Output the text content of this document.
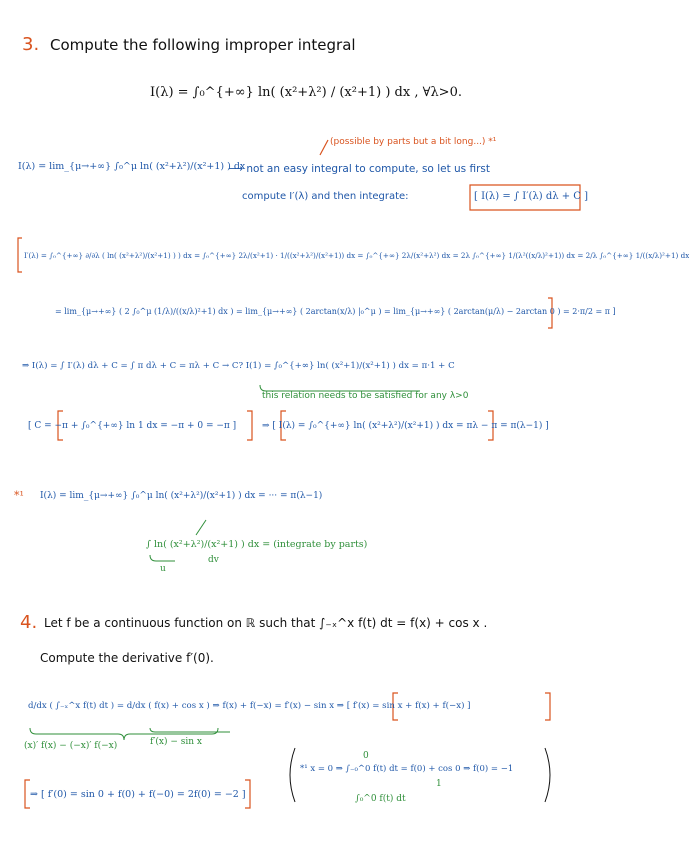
3. Compute the following improper integral
I(λ) = ∫₀^{+∞} ln( (x²+λ²) / (x²+1) ) dx , ∀λ>0.
(possible by parts but a bit long...) *¹
I(λ) = lim_{μ→+∞} ∫₀^μ ln( (x²+λ²)/(x²+1) ) dx
⟶ not an easy integral to compute, so let us first
compute I′(λ) and then integrate:	[ I(λ) = ∫ I′(λ) dλ + C ]
I′(λ) = ∫₀^{+∞} ∂/∂λ ( ln( (x²+λ²)/(x²+1) ) ) dx = ∫₀^{+∞} 2λ/(x²+1) · 1/((x²+λ²)/(x²+1)) dx = ∫₀^{+∞} 2λ/(x²+λ²) dx = 2λ ∫₀^{+∞} 1/(λ²((x/λ)²+1)) dx = 2/λ ∫₀^{+∞} 1/((x/λ)²+1) dx
= lim_{μ→+∞} ( 2 ∫₀^μ (1/λ)/((x/λ)²+1) dx ) = lim_{μ→+∞} ( 2arctan(x/λ) |₀^μ ) = lim_{μ→+∞} ( 2arctan(μ/λ) − 2arctan 0 ) = 2·π/2 = π ]
⇒ I(λ) = ∫ I′(λ) dλ + C = ∫ π dλ + C = πλ + C → C? I(1) = ∫₀^{+∞} ln( (x²+1)/(x²+1) ) dx = π·1 + C
this relation needs to be satisfied for any λ>0
[ C = −π + ∫₀^{+∞} ln 1 dx = −π + 0 = −π ]	⇒ [ I(λ) = ∫₀^{+∞} ln( (x²+λ²)/(x²+1) ) dx = πλ − π = π(λ−1) ]
*¹ I(λ) = lim_{μ→+∞} ∫₀^μ ln( (x²+λ²)/(x²+1) ) dx = ··· = π(λ−1)
∫ ln( (x²+λ²)/(x²+1) ) dx = (integrate by parts)
u
dv
4. Let f be a continuous function on ℝ such that ∫₋ₓ^x f(t) dt = f(x) + cos x .
Compute the derivative f′(0).
d/dx ( ∫₋ₓ^x f(t) dt ) = d/dx ( f(x) + cos x ) ⇒ f(x) + f(−x) = f′(x) − sin x ⇒ [ f′(x) = sin x + f(x) + f(−x) ]
(x)′ f(x) − (−x)′ f(−x)	f′(x) − sin x
*¹ x = 0 ⇒ ∫₋₀^0 f(t) dt = f(0) + cos 0 ⇒ f(0) = −1
∫₀^0 f(t) dt
1
0
⇒ [ f′(0) = sin 0 + f(0) + f(−0) = 2f(0) = −2 ]
